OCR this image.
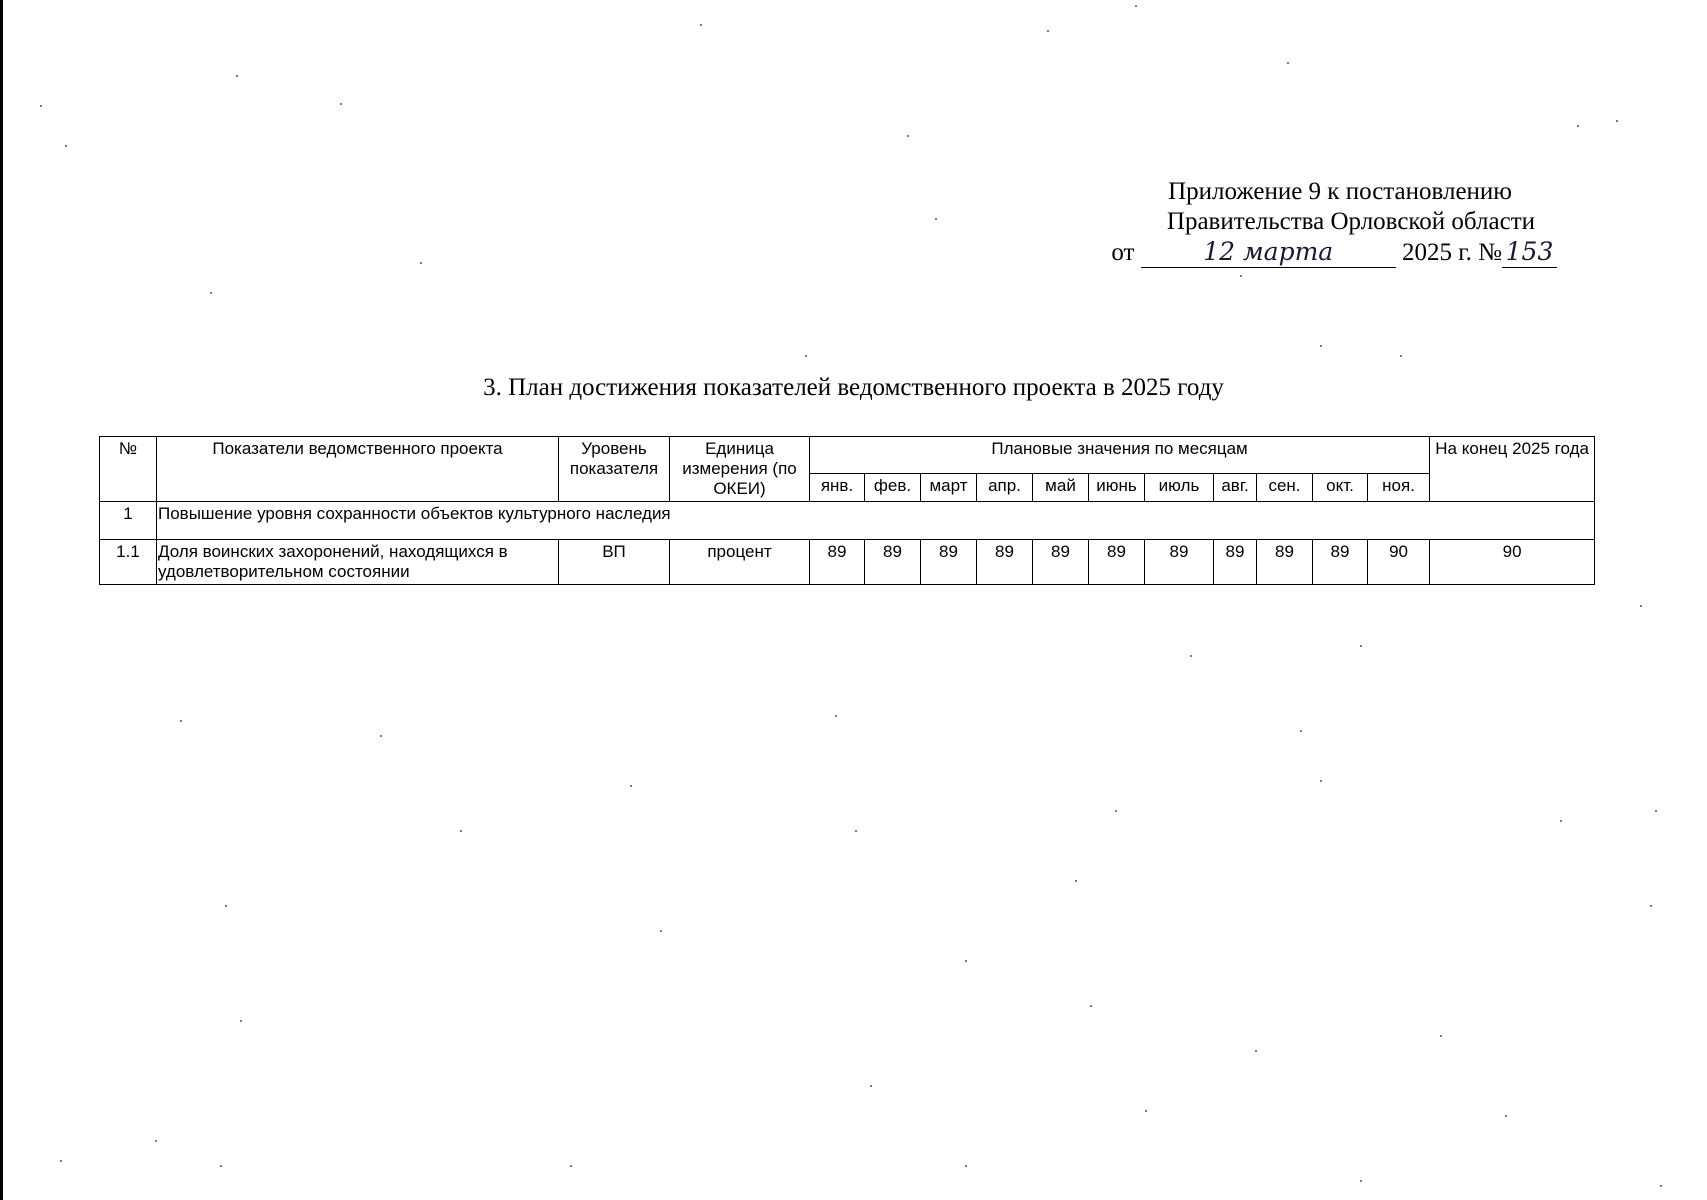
Приложение 9 к постановлению
Правительства Орловской области
от	12 марта	2025 г. № 153
3. План достижения показателей ведомственного проекта в 2025 году
№	Показатели ведомственного проекта	Уровень показателя	Единица измерения (по ОКЕИ)	Плановые значения по месяцам											На конец 2025 года
				янв.	фев.	март	апр.	май	июнь	июль	авг.	сен.	окт.	ноя.	
1	Повышение уровня сохранности объектов культурного наследия														
1.1	Доля воинских захоронений, находящихся в удовлетворительном состоянии	ВП	процент	89	89	89	89	89	89	89	89	89	89	90	90
